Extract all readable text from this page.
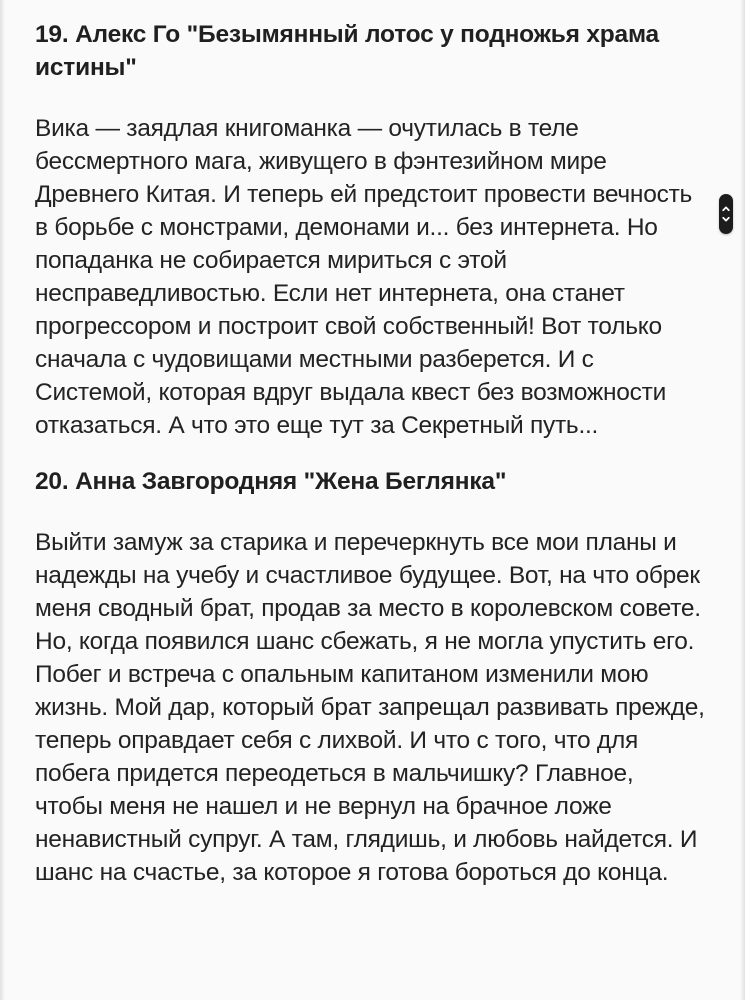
19. Алекс Го "Безымянный лотос у подножья храма истины"

Вика — заядлая книгоманка — очутилась в теле бессмертного мага, живущего в фэнтезийном мире Древнего Китая. И теперь ей предстоит провести вечность в борьбе с монстрами, демонами и... без интернета. Но попаданка не собирается мириться с этой несправедливостью. Если нет интернета, она станет прогрессором и построит свой собственный! Вот только сначала с чудовищами местными разберется. И с Системой, которая вдруг выдала квест без возможности отказаться. А что это еще тут за Секретный путь...

20. Анна Завгородняя "Жена Беглянка"

Выйти замуж за старика и перечеркнуть все мои планы и надежды на учебу и счастливое будущее. Вот, на что обрек меня сводный брат, продав за место в королевском совете. Но, когда появился шанс сбежать, я не могла упустить его. Побег и встреча с опальным капитаном изменили мою жизнь. Мой дар, который брат запрещал развивать прежде, теперь оправдает себя с лихвой. И что с того, что для побега придется переодеться в мальчишку? Главное, чтобы меня не нашел и не вернул на брачное ложе ненавистный супруг. А там, глядишь, и любовь найдется. И шанс на счастье, за которое я готова бороться до конца.
